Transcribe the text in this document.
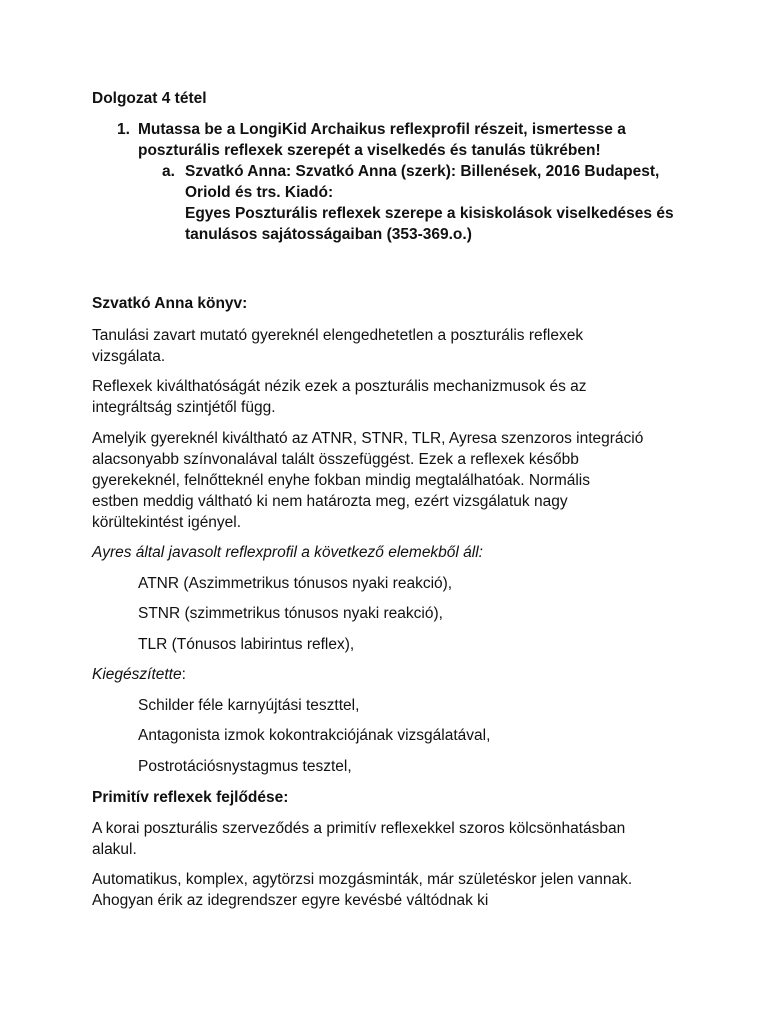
Dolgozat 4 tétel
1. Mutassa be a LongiKid Archaikus reflexprofil részeit, ismertesse a
poszturális reflexek szerepét a viselkedés és tanulás tükrében!
a. Szvatkó Anna: Szvatkó Anna (szerk): Billenések, 2016 Budapest,
Oriold és trs. Kiadó:
Egyes Poszturális reflexek szerepe a kisiskolások viselkedéses és
tanulásos sajátosságaiban (353-369.o.)
Szvatkó Anna könyv:
Tanulási zavart mutató gyereknél elengedhetetlen a poszturális reflexek
vizsgálata.
Reflexek kiválthatóságát nézik ezek a poszturális mechanizmusok és az
integráltság szintjétől függ.
Amelyik gyereknél kiváltható az ATNR, STNR, TLR, Ayresa szenzoros integráció
alacsonyabb színvonalával talált összefüggést. Ezek a reflexek később
gyerekeknél, felnőtteknél enyhe fokban mindig megtalálhatóak. Normális
estben meddig váltható ki nem határozta meg, ezért vizsgálatuk nagy
körültekintést igényel.
Ayres által javasolt reflexprofil a következő elemekből áll:
ATNR (Aszimmetrikus tónusos nyaki reakció),
STNR (szimmetrikus tónusos nyaki reakció),
TLR (Tónusos labirintus reflex),
Kiegészítette:
Schilder féle karnyújtási teszttel,
Antagonista izmok kokontrakciójának vizsgálatával,
Postrotációsnystagmus tesztel,
Primitív reflexek fejlődése:
A korai poszturális szerveződés a primitív reflexekkel szoros kölcsönhatásban
alakul.
Automatikus, komplex, agytörzsi mozgásminták, már születéskor jelen vannak.
Ahogyan érik az idegrendszer egyre kevésbé váltódnak ki
